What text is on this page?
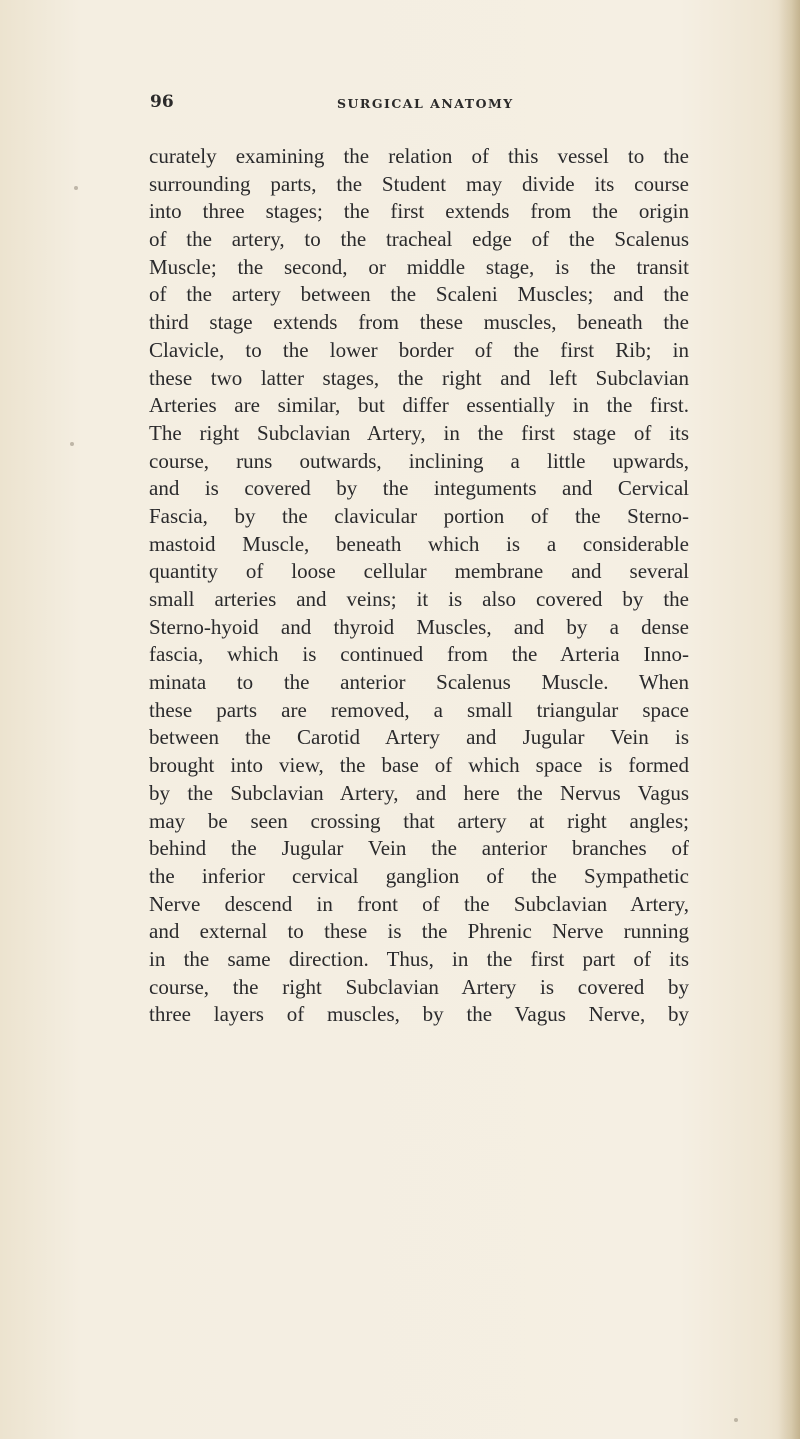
96	SURGICAL ANATOMY
curately examining the relation of this vessel to the
surrounding parts, the Student may divide its course
into three stages; the first extends from the origin
of the artery, to the tracheal edge of the Scalenus
Muscle; the second, or middle stage, is the transit
of the artery between the Scaleni Muscles; and the
third stage extends from these muscles, beneath the
Clavicle, to the lower border of the first Rib; in
these two latter stages, the right and left Subclavian
Arteries are similar, but differ essentially in the first.
The right Subclavian Artery, in the first stage of its
course, runs outwards, inclining a little upwards,
and is covered by the integuments and Cervical
Fascia, by the clavicular portion of the Sterno-
mastoid Muscle, beneath which is a considerable
quantity of loose cellular membrane and several
small arteries and veins; it is also covered by the
Sterno-hyoid and thyroid Muscles, and by a dense
fascia, which is continued from the Arteria Inno-
minata to the anterior Scalenus Muscle. When
these parts are removed, a small triangular space
between the Carotid Artery and Jugular Vein is
brought into view, the base of which space is formed
by the Subclavian Artery, and here the Nervus Vagus
may be seen crossing that artery at right angles;
behind the Jugular Vein the anterior branches of
the inferior cervical ganglion of the Sympathetic
Nerve descend in front of the Subclavian Artery,
and external to these is the Phrenic Nerve running
in the same direction. Thus, in the first part of its
course, the right Subclavian Artery is covered by
three layers of muscles, by the Vagus Nerve, by
